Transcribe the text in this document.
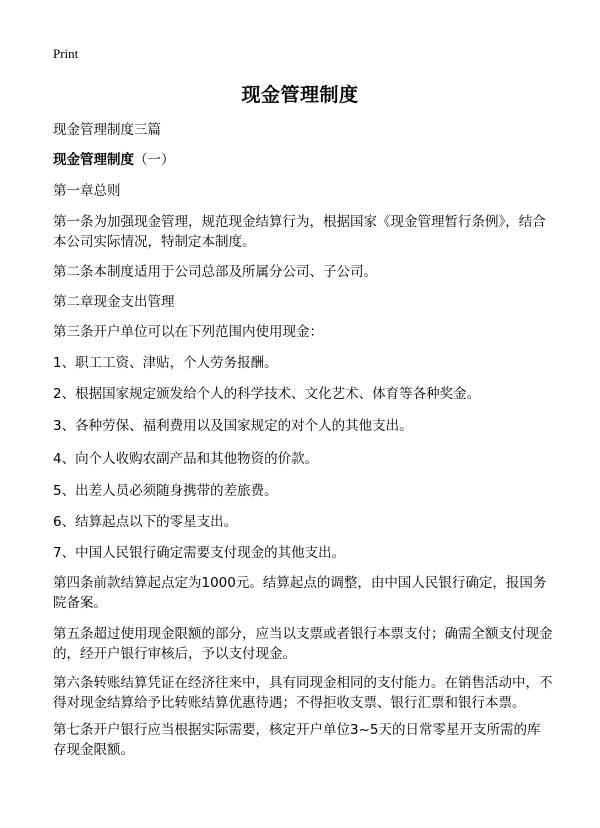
Print
现金管理制度

现金管理制度三篇

现金管理制度（一）

第一章总则

第一条为加强现金管理，规范现金结算行为，根据国家《现金管理暂行条例》，结合本公司实际情况，特制定本制度。

第二条本制度适用于公司总部及所属分公司、子公司。

第二章现金支出管理

第三条开户单位可以在下列范围内使用现金：

1、职工工资、津贴，个人劳务报酬。

2、根据国家规定颁发给个人的科学技术、文化艺术、体育等各种奖金。

3、各种劳保、福利费用以及国家规定的对个人的其他支出。

4、向个人收购农副产品和其他物资的价款。

5、出差人员必须随身携带的差旅费。

6、结算起点以下的零星支出。

7、中国人民银行确定需要支付现金的其他支出。

第四条前款结算起点定为1000元。结算起点的调整，由中国人民银行确定，报国务院备案。

第五条超过使用现金限额的部分，应当以支票或者银行本票支付；确需全额支付现金的，经开户银行审核后，予以支付现金。

第六条转账结算凭证在经济往来中，具有同现金相同的支付能力。在销售活动中，不得对现金结算给予比转账结算优惠待遇；不得拒收支票、银行汇票和银行本票。

第七条开户银行应当根据实际需要，核定开户单位3~5天的日常零星开支所需的库存现金限额。
